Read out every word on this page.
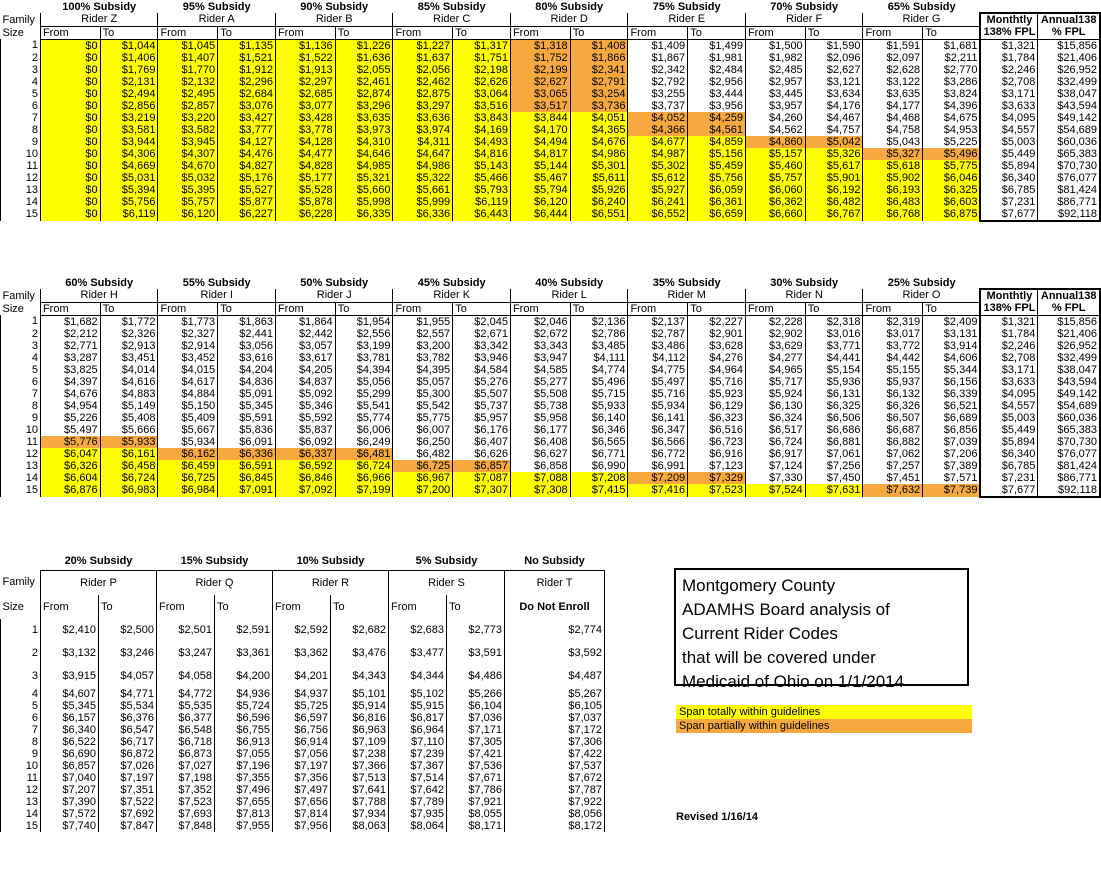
	100% Subsidy		95% Subsidy		90% Subsidy		85% Subsidy		80% Subsidy		75% Subsidy		70% Subsidy		65% Subsidy			
Family	Rider Z		Rider A		Rider B		Rider C		Rider D		Rider E		Rider F		Rider G		Monthtly	Annual138
Size	From	To	From	To	From	To	From	To	From	To	From	To	From	To	From	To	138% FPL	% FPL
1	$0	$1,044	$1,045	$1,135	$1,136	$1,226	$1,227	$1,317	$1,318	$1,408	$1,409	$1,499	$1,500	$1,590	$1,591	$1,681	$1,321	$15,856
2	$0	$1,406	$1,407	$1,521	$1,522	$1,636	$1,637	$1,751	$1,752	$1,866	$1,867	$1,981	$1,982	$2,096	$2,097	$2,211	$1,784	$21,406
3	$0	$1,769	$1,770	$1,912	$1,913	$2,055	$2,056	$2,198	$2,199	$2,341	$2,342	$2,484	$2,485	$2,627	$2,628	$2,770	$2,246	$26,952
4	$0	$2,131	$2,132	$2,296	$2,297	$2,461	$2,462	$2,626	$2,627	$2,791	$2,792	$2,956	$2,957	$3,121	$3,122	$3,286	$2,708	$32,499
5	$0	$2,494	$2,495	$2,684	$2,685	$2,874	$2,875	$3,064	$3,065	$3,254	$3,255	$3,444	$3,445	$3,634	$3,635	$3,824	$3,171	$38,047
6	$0	$2,856	$2,857	$3,076	$3,077	$3,296	$3,297	$3,516	$3,517	$3,736	$3,737	$3,956	$3,957	$4,176	$4,177	$4,396	$3,633	$43,594
7	$0	$3,219	$3,220	$3,427	$3,428	$3,635	$3,636	$3,843	$3,844	$4,051	$4,052	$4,259	$4,260	$4,467	$4,468	$4,675	$4,095	$49,142
8	$0	$3,581	$3,582	$3,777	$3,778	$3,973	$3,974	$4,169	$4,170	$4,365	$4,366	$4,561	$4,562	$4,757	$4,758	$4,953	$4,557	$54,689
9	$0	$3,944	$3,945	$4,127	$4,128	$4,310	$4,311	$4,493	$4,494	$4,676	$4,677	$4,859	$4,860	$5,042	$5,043	$5,225	$5,003	$60,036
10	$0	$4,306	$4,307	$4,476	$4,477	$4,646	$4,647	$4,816	$4,817	$4,986	$4,987	$5,156	$5,157	$5,326	$5,327	$5,496	$5,449	$65,383
11	$0	$4,669	$4,670	$4,827	$4,828	$4,985	$4,986	$5,143	$5,144	$5,301	$5,302	$5,459	$5,460	$5,617	$5,618	$5,775	$5,894	$70,730
12	$0	$5,031	$5,032	$5,176	$5,177	$5,321	$5,322	$5,466	$5,467	$5,611	$5,612	$5,756	$5,757	$5,901	$5,902	$6,046	$6,340	$76,077
13	$0	$5,394	$5,395	$5,527	$5,528	$5,660	$5,661	$5,793	$5,794	$5,926	$5,927	$6,059	$6,060	$6,192	$6,193	$6,325	$6,785	$81,424
14	$0	$5,756	$5,757	$5,877	$5,878	$5,998	$5,999	$6,119	$6,120	$6,240	$6,241	$6,361	$6,362	$6,482	$6,483	$6,603	$7,231	$86,771
15	$0	$6,119	$6,120	$6,227	$6,228	$6,335	$6,336	$6,443	$6,444	$6,551	$6,552	$6,659	$6,660	$6,767	$6,768	$6,875	$7,677	$92,118
	60% Subsidy		55% Subsidy		50% Subsidy		45% Subsidy		40% Subsidy		35% Subsidy		30% Subsidy		25% Subsidy			
Family	Rider H		Rider I		Rider J		Rider K		Rider L		Rider M		Rider N		Rider O		Monthtly	Annual138
Size	From	To	From	To	From	To	From	To	From	To	From	To	From	To	From	To	138% FPL	% FPL
1	$1,682	$1,772	$1,773	$1,863	$1,864	$1,954	$1,955	$2,045	$2,046	$2,136	$2,137	$2,227	$2,228	$2,318	$2,319	$2,409	$1,321	$15,856
2	$2,212	$2,326	$2,327	$2,441	$2,442	$2,556	$2,557	$2,671	$2,672	$2,786	$2,787	$2,901	$2,902	$3,016	$3,017	$3,131	$1,784	$21,406
3	$2,771	$2,913	$2,914	$3,056	$3,057	$3,199	$3,200	$3,342	$3,343	$3,485	$3,486	$3,628	$3,629	$3,771	$3,772	$3,914	$2,246	$26,952
4	$3,287	$3,451	$3,452	$3,616	$3,617	$3,781	$3,782	$3,946	$3,947	$4,111	$4,112	$4,276	$4,277	$4,441	$4,442	$4,606	$2,708	$32,499
5	$3,825	$4,014	$4,015	$4,204	$4,205	$4,394	$4,395	$4,584	$4,585	$4,774	$4,775	$4,964	$4,965	$5,154	$5,155	$5,344	$3,171	$38,047
6	$4,397	$4,616	$4,617	$4,836	$4,837	$5,056	$5,057	$5,276	$5,277	$5,496	$5,497	$5,716	$5,717	$5,936	$5,937	$6,156	$3,633	$43,594
7	$4,676	$4,883	$4,884	$5,091	$5,092	$5,299	$5,300	$5,507	$5,508	$5,715	$5,716	$5,923	$5,924	$6,131	$6,132	$6,339	$4,095	$49,142
8	$4,954	$5,149	$5,150	$5,345	$5,346	$5,541	$5,542	$5,737	$5,738	$5,933	$5,934	$6,129	$6,130	$6,325	$6,326	$6,521	$4,557	$54,689
9	$5,226	$5,408	$5,409	$5,591	$5,592	$5,774	$5,775	$5,957	$5,958	$6,140	$6,141	$6,323	$6,324	$6,506	$6,507	$6,689	$5,003	$60,036
10	$5,497	$5,666	$5,667	$5,836	$5,837	$6,006	$6,007	$6,176	$6,177	$6,346	$6,347	$6,516	$6,517	$6,686	$6,687	$6,856	$5,449	$65,383
11	$5,776	$5,933	$5,934	$6,091	$6,092	$6,249	$6,250	$6,407	$6,408	$6,565	$6,566	$6,723	$6,724	$6,881	$6,882	$7,039	$5,894	$70,730
12	$6,047	$6,161	$6,162	$6,336	$6,337	$6,481	$6,482	$6,626	$6,627	$6,771	$6,772	$6,916	$6,917	$7,061	$7,062	$7,206	$6,340	$76,077
13	$6,326	$6,458	$6,459	$6,591	$6,592	$6,724	$6,725	$6,857	$6,858	$6,990	$6,991	$7,123	$7,124	$7,256	$7,257	$7,389	$6,785	$81,424
14	$6,604	$6,724	$6,725	$6,845	$6,846	$6,966	$6,967	$7,087	$7,088	$7,208	$7,209	$7,329	$7,330	$7,450	$7,451	$7,571	$7,231	$86,771
15	$6,876	$6,983	$6,984	$7,091	$7,092	$7,199	$7,200	$7,307	$7,308	$7,415	$7,416	$7,523	$7,524	$7,631	$7,632	$7,739	$7,677	$92,118
	20% Subsidy		15% Subsidy		10% Subsidy		5% Subsidy		No Subsidy
Family	Rider P		Rider Q		Rider R		Rider S		Rider T
Size	From	To	From	To	From	To	From	To	Do Not Enroll
1	$2,410	$2,500	$2,501	$2,591	$2,592	$2,682	$2,683	$2,773	$2,774
2	$3,132	$3,246	$3,247	$3,361	$3,362	$3,476	$3,477	$3,591	$3,592
3	$3,915	$4,057	$4,058	$4,200	$4,201	$4,343	$4,344	$4,486	$4,487
4	$4,607	$4,771	$4,772	$4,936	$4,937	$5,101	$5,102	$5,266	$5,267
5	$5,345	$5,534	$5,535	$5,724	$5,725	$5,914	$5,915	$6,104	$6,105
6	$6,157	$6,376	$6,377	$6,596	$6,597	$6,816	$6,817	$7,036	$7,037
7	$6,340	$6,547	$6,548	$6,755	$6,756	$6,963	$6,964	$7,171	$7,172
8	$6,522	$6,717	$6,718	$6,913	$6,914	$7,109	$7,110	$7,305	$7,306
9	$6,690	$6,872	$6,873	$7,055	$7,056	$7,238	$7,239	$7,421	$7,422
10	$6,857	$7,026	$7,027	$7,196	$7,197	$7,366	$7,367	$7,536	$7,537
11	$7,040	$7,197	$7,198	$7,355	$7,356	$7,513	$7,514	$7,671	$7,672
12	$7,207	$7,351	$7,352	$7,496	$7,497	$7,641	$7,642	$7,786	$7,787
13	$7,390	$7,522	$7,523	$7,655	$7,656	$7,788	$7,789	$7,921	$7,922
14	$7,572	$7,692	$7,693	$7,813	$7,814	$7,934	$7,935	$8,055	$8,056
15	$7,740	$7,847	$7,848	$7,955	$7,956	$8,063	$8,064	$8,171	$8,172
Montgomery County
ADAMHS Board analysis of
Current Rider Codes
that will be covered under
Medicaid of Ohio on 1/1/2014
Span totally within guidelines
Span partially within guidelines
Revised 1/16/14
